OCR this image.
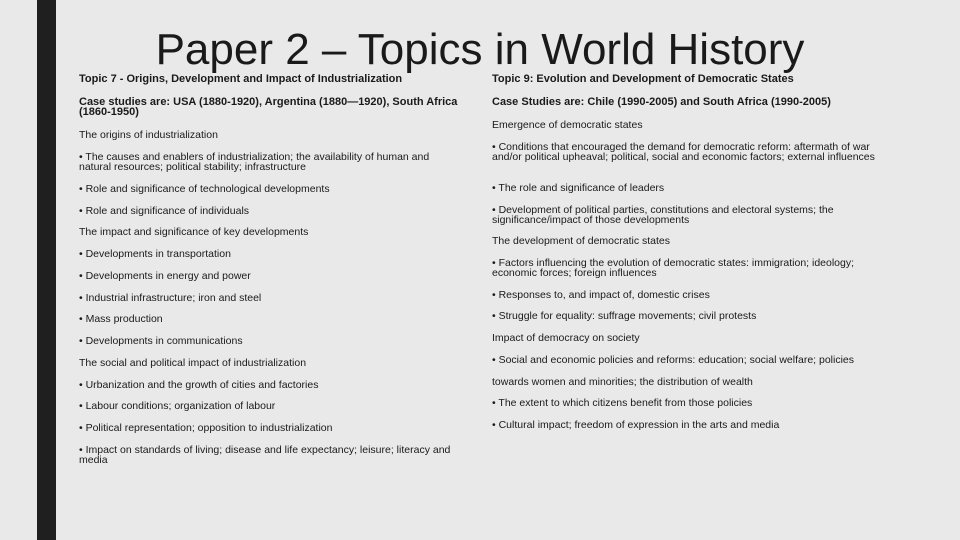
Topic 7 - Origins, Development and Impact of Industrialization
Case studies are: USA (1880-1920), Argentina (1880—1920), South Africa (1860-1950)
The origins of industrialization
• The causes and enablers of industrialization; the availability of human and natural resources; political stability; infrastructure
• Role and significance of technological developments
• Role and significance of individuals
The impact and significance of key developments
• Developments in transportation
• Developments in energy and power
• Industrial infrastructure; iron and steel
• Mass production
• Developments in communications
The social and political impact of industrialization
• Urbanization and the growth of cities and factories
• Labour conditions; organization of labour
• Political representation; opposition to industrialization
• Impact on standards of living; disease and life expectancy; leisure; literacy and media
Topic 9: Evolution and Development of Democratic States
Case Studies are: Chile (1990-2005) and South Africa (1990-2005)
Emergence of democratic states
• Conditions that encouraged the demand for democratic reform: aftermath of war and/or political upheaval; political, social and economic factors; external influences
• The role and significance of leaders
• Development of political parties, constitutions and electoral systems; the significance/impact of those developments
The development of democratic states
• Factors influencing the evolution of democratic states: immigration; ideology; economic forces; foreign influences
• Responses to, and impact of, domestic crises
• Struggle for equality: suffrage movements; civil protests
Impact of democracy on society
• Social and economic policies and reforms: education; social welfare; policies
towards women and minorities; the distribution of wealth
• The extent to which citizens benefit from those policies
• Cultural impact; freedom of expression in the arts and media
Paper 2 – Topics in World History
